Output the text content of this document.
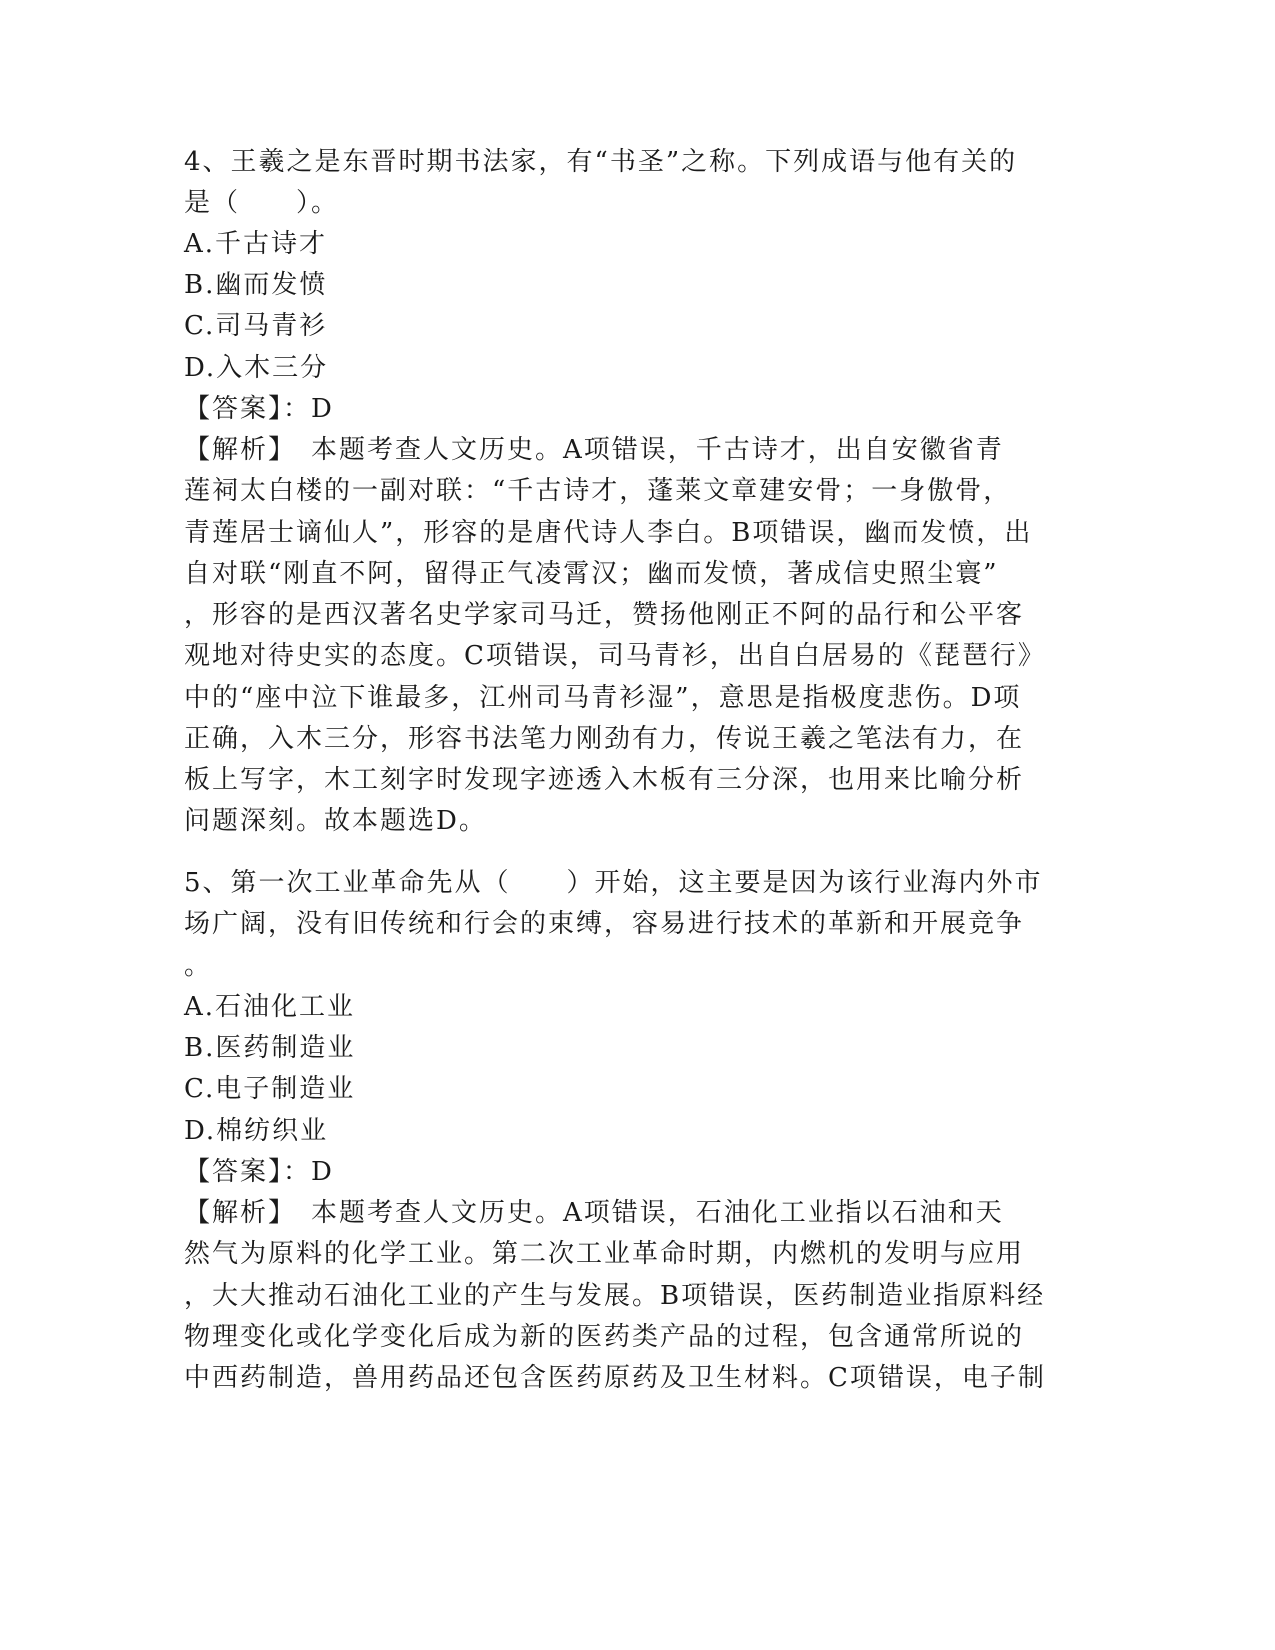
4、王羲之是东晋时期书法家，有“书圣”之称。下列成语与他有关的

是（　　）。

A.千古诗才

B.幽而发愤

C.司马青衫

D.入木三分

【答案】：D

【解析】　本题考查人文历史。A项错误，千古诗才，出自安徽省青

莲祠太白楼的一副对联：“千古诗才，蓬莱文章建安骨；一身傲骨，

青莲居士谪仙人”，形容的是唐代诗人李白。B项错误，幽而发愤，出

自对联“刚直不阿，留得正气凌霄汉；幽而发愤，著成信史照尘寰”

，形容的是西汉著名史学家司马迁，赞扬他刚正不阿的品行和公平客

观地对待史实的态度。C项错误，司马青衫，出自白居易的《琵琶行》

中的“座中泣下谁最多，江州司马青衫湿”，意思是指极度悲伤。D项

正确，入木三分，形容书法笔力刚劲有力，传说王羲之笔法有力，在

板上写字，木工刻字时发现字迹透入木板有三分深，也用来比喻分析

问题深刻。故本题选D。

5、第一次工业革命先从（　　）开始，这主要是因为该行业海内外市

场广阔，没有旧传统和行会的束缚，容易进行技术的革新和开展竞争

。

A.石油化工业

B.医药制造业

C.电子制造业

D.棉纺织业

【答案】：D

【解析】　本题考查人文历史。A项错误，石油化工业指以石油和天

然气为原料的化学工业。第二次工业革命时期，内燃机的发明与应用

，大大推动石油化工业的产生与发展。B项错误，医药制造业指原料经

物理变化或化学变化后成为新的医药类产品的过程，包含通常所说的

中西药制造，兽用药品还包含医药原药及卫生材料。C项错误，电子制
